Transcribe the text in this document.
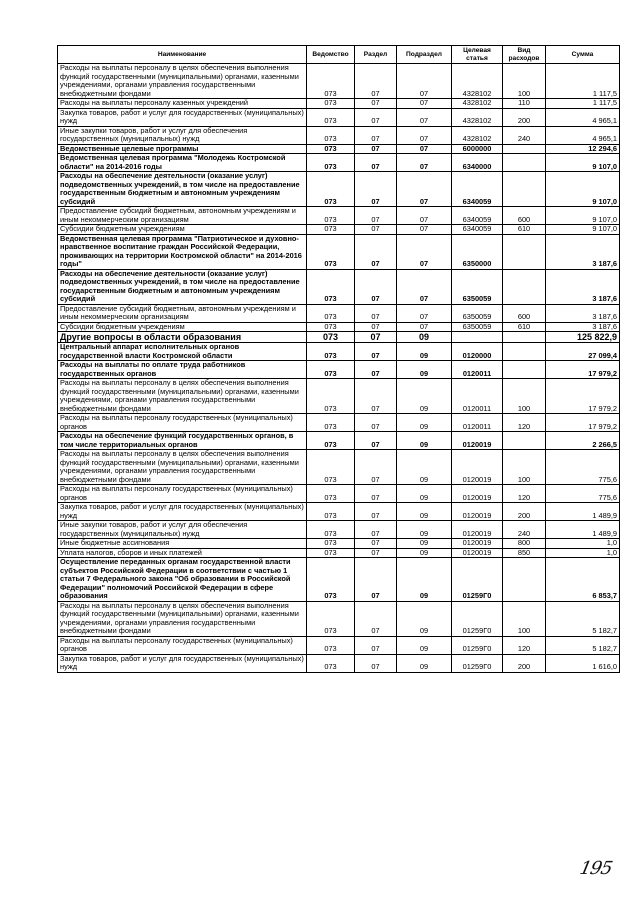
Наименование	Ведомство	Раздел	Подраздел	Целевая статья	Вид расходов	Сумма
Расходы на выплаты персоналу в целях обеспечения выполнения функций государственными (муниципальными) органами, казенными учреждениями, органами управления государственными внебюджетными фондами	073	07	07	4328102	100	1 117,5
Расходы на выплаты персоналу казенных учреждений	073	07	07	4328102	110	1 117,5
Закупка товаров, работ и услуг для государственных (муниципальных) нужд	073	07	07	4328102	200	4 965,1
Иные закупки товаров, работ и услуг для обеспечения государственных (муниципальных) нужд	073	07	07	4328102	240	4 965,1
Ведомственные целевые программы	073	07	07	6000000		12 294,6
Ведомственная целевая программа "Молодежь Костромской области" на 2014-2016 годы	073	07	07	6340000		9 107,0
Расходы на обеспечение деятельности (оказание услуг) подведомственных учреждений, в том числе на предоставление государственным бюджетным и автономным учреждениям субсидий	073	07	07	6340059		9 107,0
Предоставление субсидий бюджетным, автономным учреждениям и иным некоммерческим организациям	073	07	07	6340059	600	9 107,0
Субсидии бюджетным учреждениям	073	07	07	6340059	610	9 107,0
Ведомственная целевая программа "Патриотическое и духовно-нравственное воспитание граждан Российской Федерации, проживающих на территории Костромской области" на 2014-2016 годы"	073	07	07	6350000		3 187,6
Расходы на обеспечение деятельности (оказание услуг) подведомственных учреждений, в том числе на предоставление государственным бюджетным и автономным учреждениям субсидий	073	07	07	6350059		3 187,6
Предоставление субсидий бюджетным, автономным учреждениям и иным некоммерческим организациям	073	07	07	6350059	600	3 187,6
Субсидии бюджетным учреждениям	073	07	07	6350059	610	3 187,6
Другие вопросы в области образования	073	07	09			125 822,9
Центральный аппарат исполнительных органов государственной власти Костромской области	073	07	09	0120000		27 099,4
Расходы на выплаты по оплате труда работников государственных органов	073	07	09	0120011		17 979,2
Расходы на выплаты персоналу в целях обеспечения выполнения функций государственными (муниципальными) органами, казенными учреждениями, органами управления государственными внебюджетными фондами	073	07	09	0120011	100	17 979,2
Расходы на выплаты персоналу государственных (муниципальных) органов	073	07	09	0120011	120	17 979,2
Расходы на обеспечение функций государственных органов, в том числе территориальных органов	073	07	09	0120019		2 266,5
Расходы на выплаты персоналу в целях обеспечения выполнения функций государственными (муниципальными) органами, казенными учреждениями, органами управления государственными внебюджетными фондами	073	07	09	0120019	100	775,6
Расходы на выплаты персоналу государственных (муниципальных) органов	073	07	09	0120019	120	775,6
Закупка товаров, работ и услуг для государственных (муниципальных) нужд	073	07	09	0120019	200	1 489,9
Иные закупки товаров, работ и услуг для обеспечения государственных (муниципальных) нужд	073	07	09	0120019	240	1 489,9
Иные бюджетные ассигнования	073	07	09	0120019	800	1,0
Уплата налогов, сборов и иных платежей	073	07	09	0120019	850	1,0
Осуществление переданных органам государственной власти субъектов Российской Федерации в соответствии с частью 1 статьи 7 Федерального закона "Об образовании в Российской Федерации" полномочий Российской Федерации в сфере образования	073	07	09	01259Г0		6 853,7
Расходы на выплаты персоналу в целях обеспечения выполнения функций государственными (муниципальными) органами, казенными учреждениями, органами управления государственными внебюджетными фондами	073	07	09	01259Г0	100	5 182,7
Расходы на выплаты персоналу государственных (муниципальных) органов	073	07	09	01259Г0	120	5 182,7
Закупка товаров, работ и услуг для государственных (муниципальных) нужд	073	07	09	01259Г0	200	1 616,0
195
